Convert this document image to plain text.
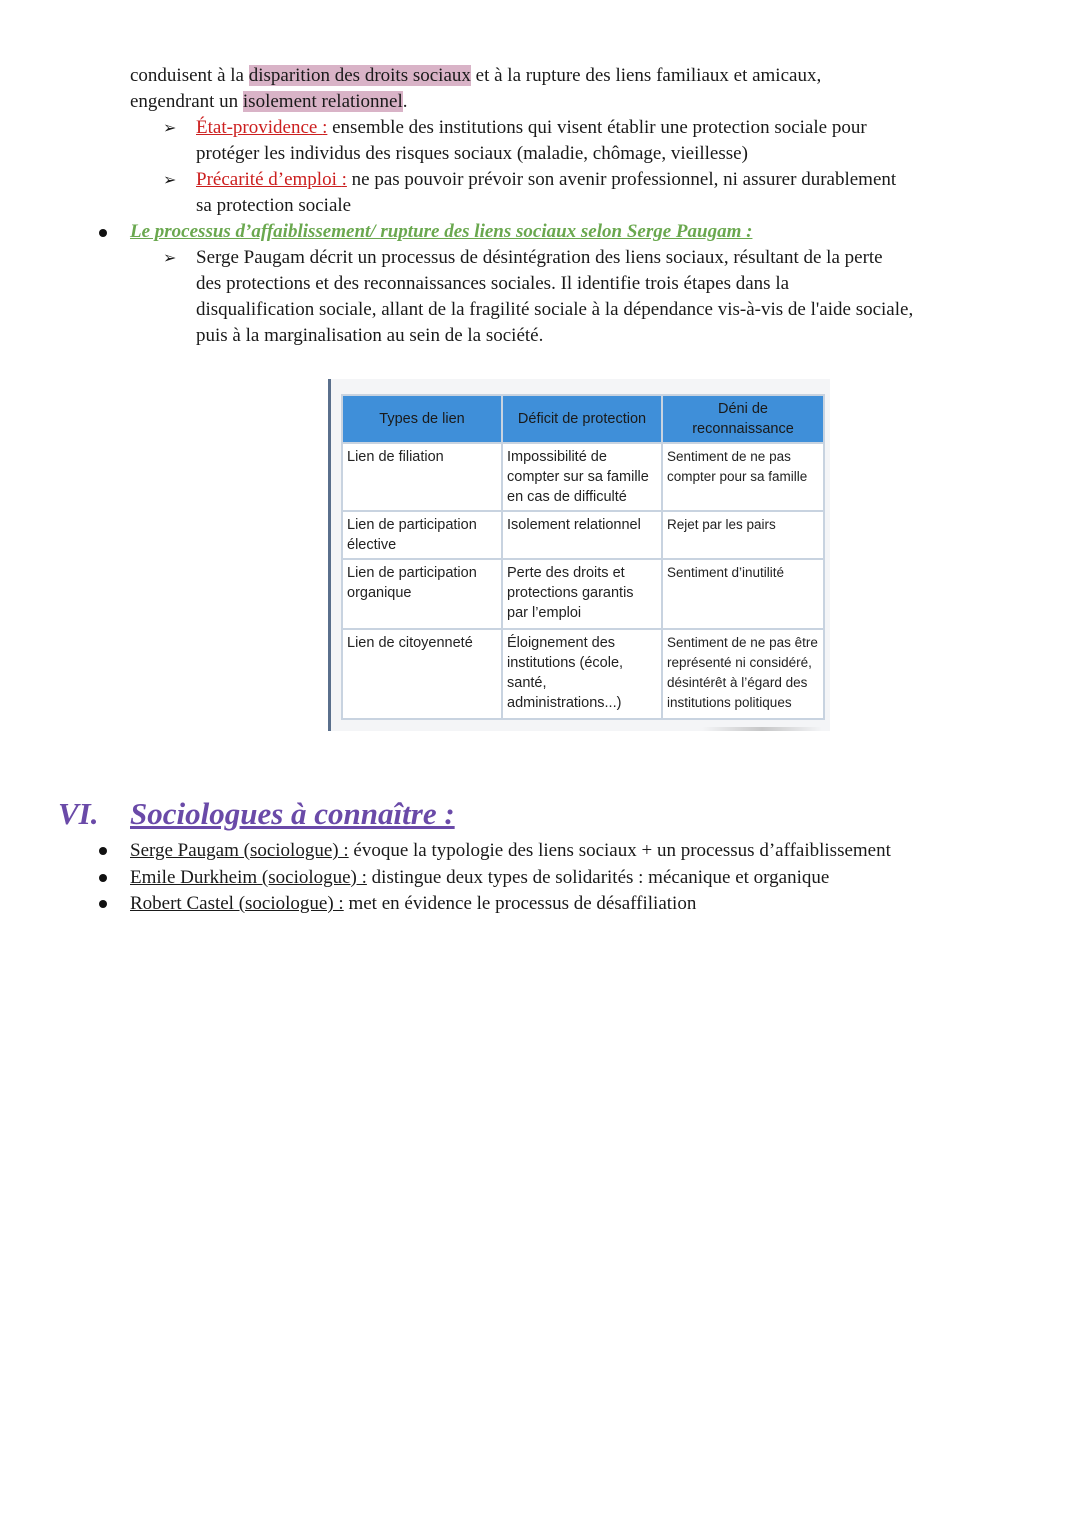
conduisent à la disparition des droits sociaux et à la rupture des liens familiaux et amicaux,
engendrant un isolement relationnel.
➢ État-providence : ensemble des institutions qui visent établir une protection sociale pour
protéger les individus des risques sociaux (maladie, chômage, vieillesse)
➢ Précarité d’emploi : ne pas pouvoir prévoir son avenir professionnel, ni assurer durablement
sa protection sociale
Le processus d’affaiblissement/ rupture des liens sociaux selon Serge Paugam :
➢ Serge Paugam décrit un processus de désintégration des liens sociaux, résultant de la perte
des protections et des reconnaissances sociales. Il identifie trois étapes dans la
disqualification sociale, allant de la fragilité sociale à la dépendance vis-à-vis de l'aide sociale,
puis à la marginalisation au sein de la société.
Types de lien	Déficit de protection	Déni de reconnaissance
Lien de filiation	Impossibilité de compter sur sa famille en cas de difficulté	Sentiment de ne pas compter pour sa famille
Lien de participation élective	Isolement relationnel	Rejet par les pairs
Lien de participation organique	Perte des droits et protections garantis par l’emploi	Sentiment d’inutilité
Lien de citoyenneté	Éloignement des institutions (école, santé, administrations...)	Sentiment de ne pas être représenté ni considéré, désintérêt à l’égard des institutions politiques
VI. Sociologues à connaître :
Serge Paugam (sociologue) : évoque la typologie des liens sociaux + un processus d’affaiblissement
Emile Durkheim (sociologue) : distingue deux types de solidarités : mécanique et organique
Robert Castel (sociologue) : met en évidence le processus de désaffiliation
